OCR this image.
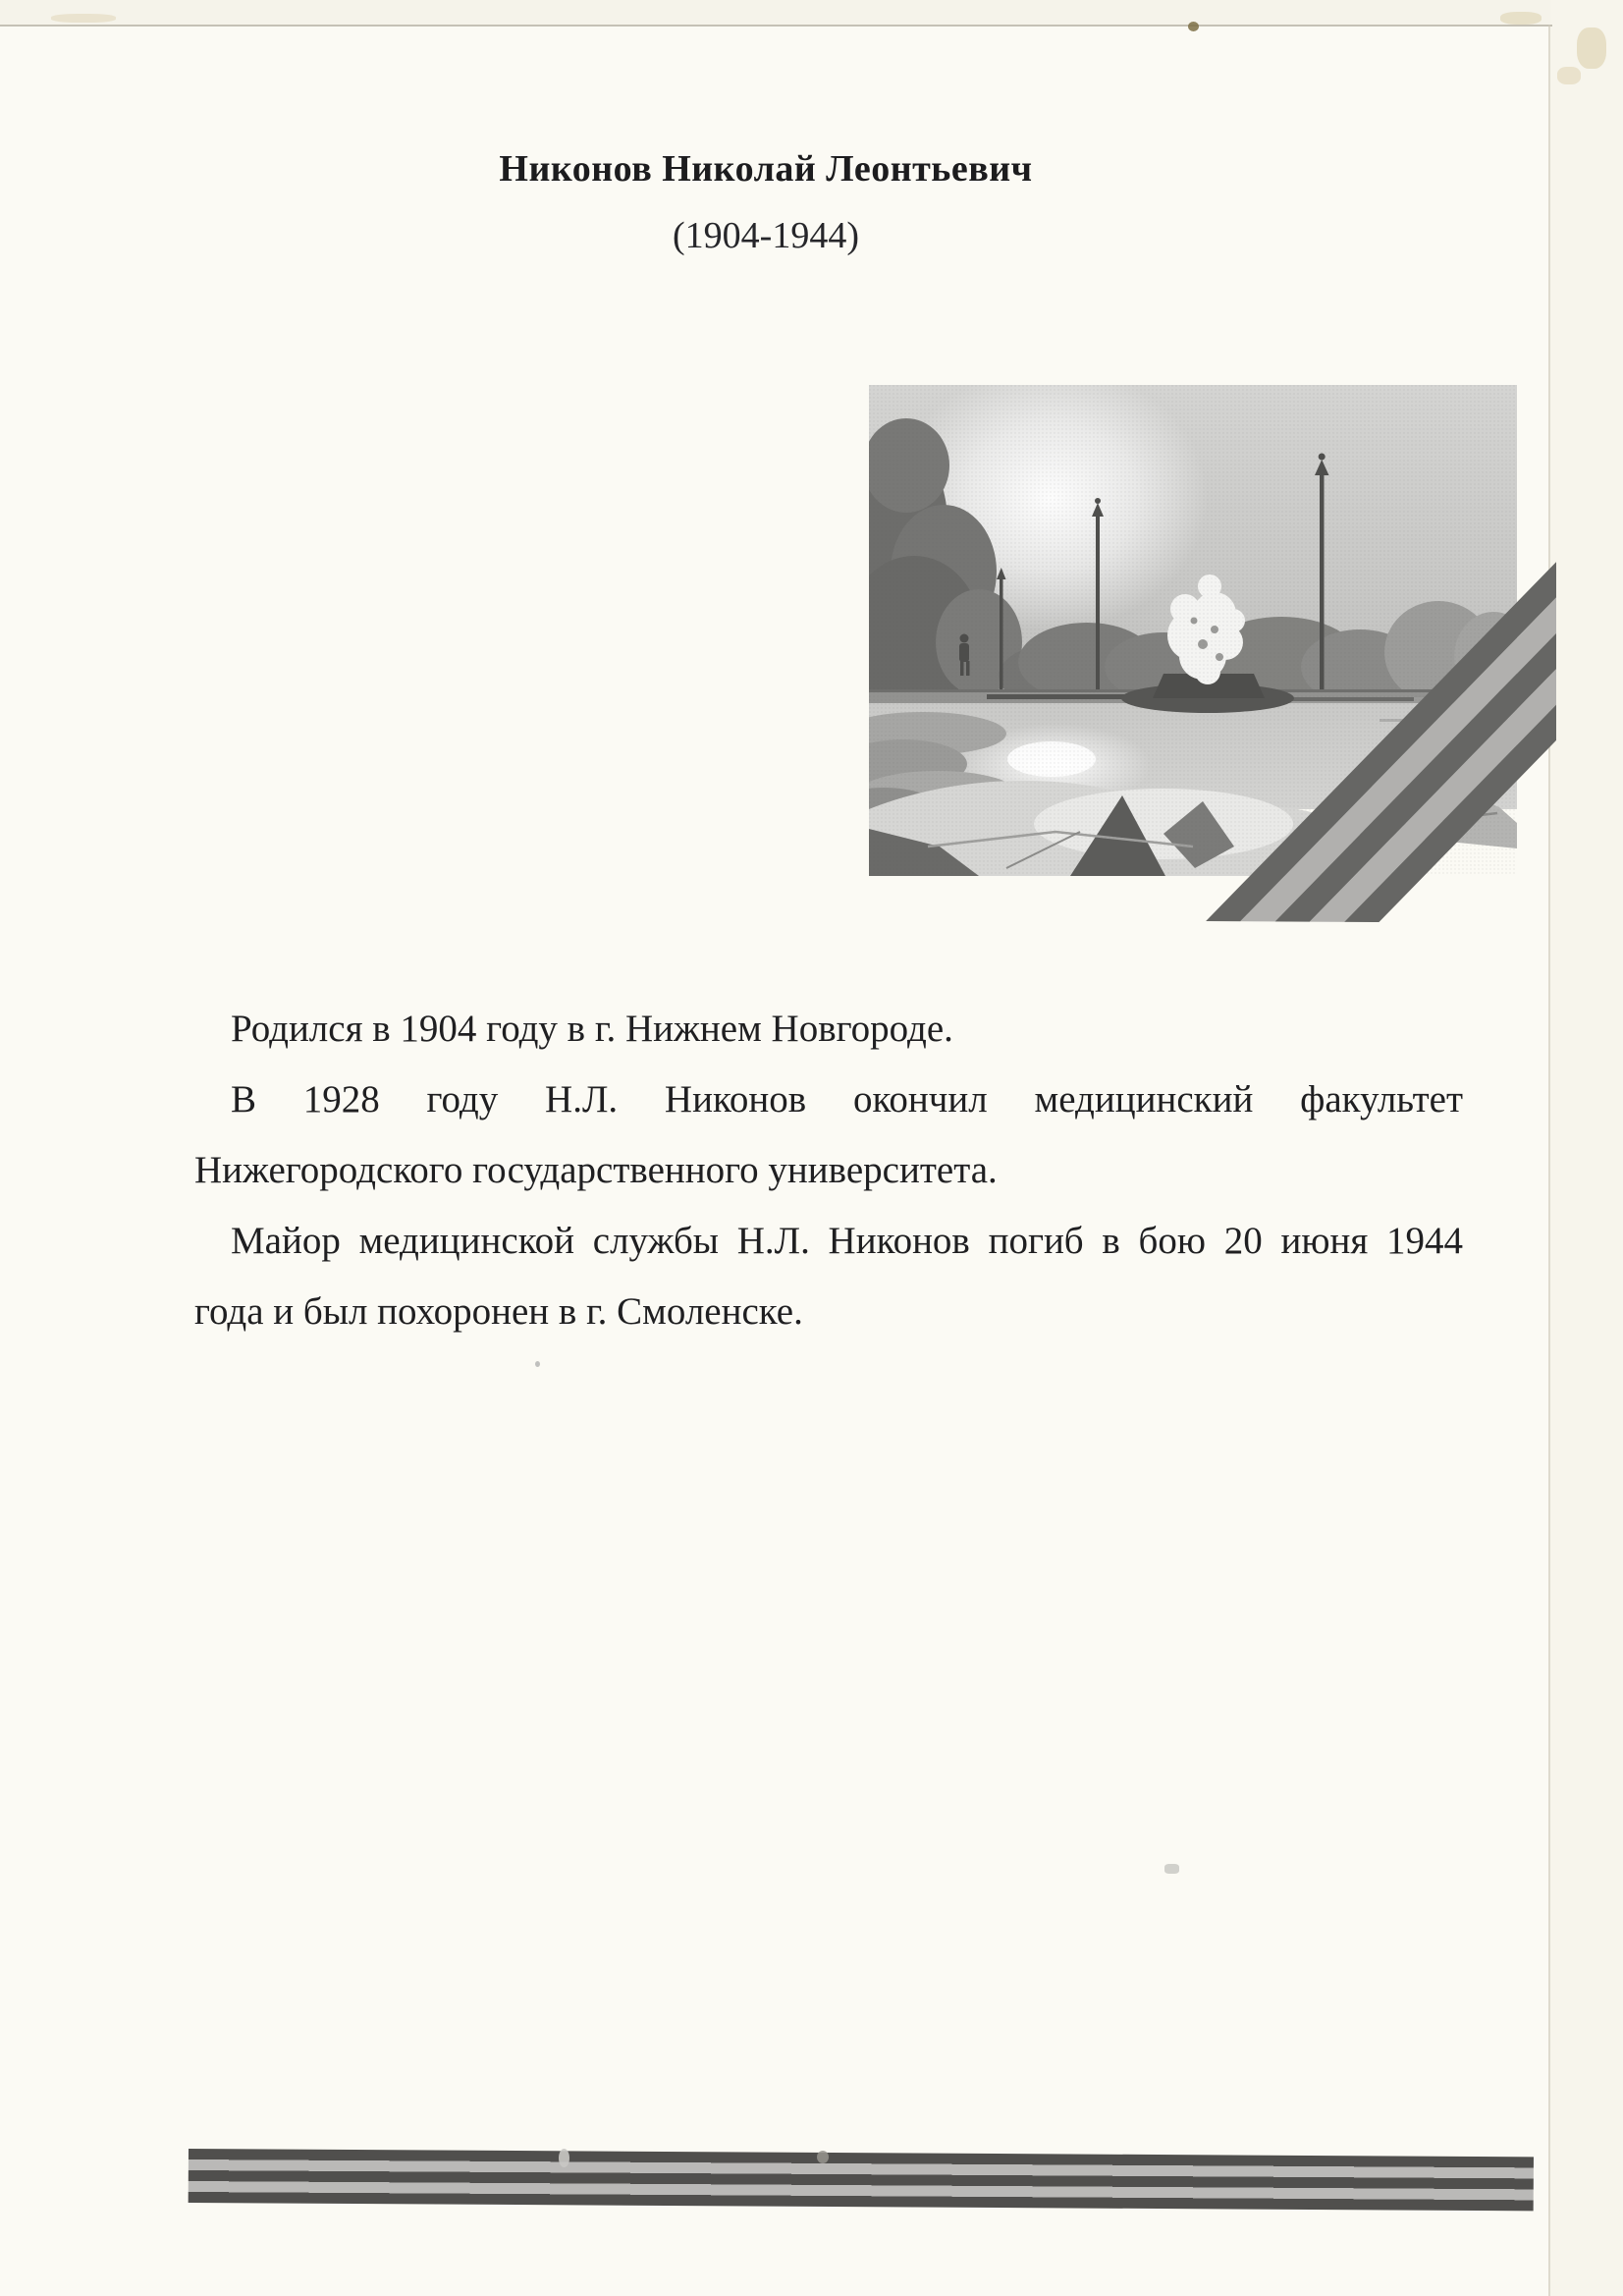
Никонов Николай Леонтьевич
(1904-1944)
Родился в 1904 году в г. Нижнем Новгороде.
В 1928 году Н.Л. Никонов окончил медицинский факультет
Нижегородского государственного университета.
Майор медицинской службы Н.Л. Никонов погиб в бою 20 июня 1944
года и был похоронен в г. Смоленске.
